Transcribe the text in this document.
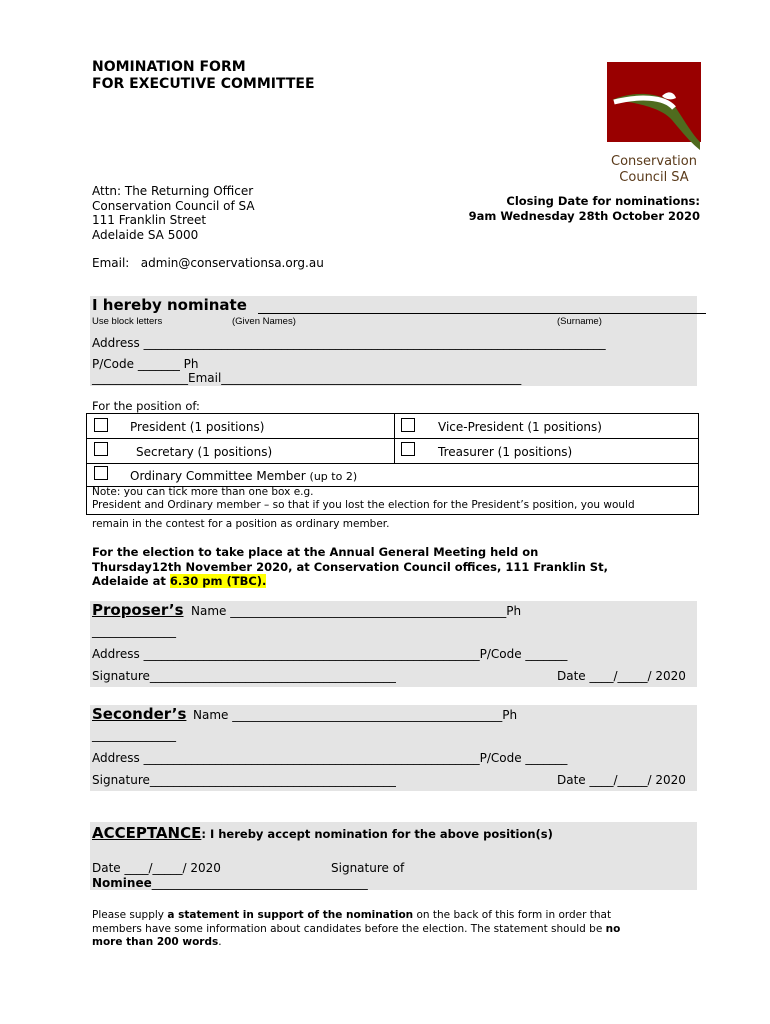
NOMINATION FORM
FOR EXECUTIVE COMMITTEE
Conservation
Council SA
Attn: The Returning Officer
Conservation Council of SA
111 Franklin Street
Adelaide SA 5000
Email: admin@conservationsa.org.au
Closing Date for nominations:
9am Wednesday 28th October 2020
I hereby nominate
Use block letters	(Given Names)	(Surname)
Address _____________________________________________________________________________
P/Code _______ Ph
________________Email__________________________________________________
For the position of:
President (1 positions)	Vice-President (1 positions)
Secretary (1 positions)	Treasurer (1 positions)
Ordinary Committee Member (up to 2)
Note: you can tick more than one box e.g.
President and Ordinary member – so that if you lost the election for the President’s position, you would
remain in the contest for a position as ordinary member.
For the election to take place at the Annual General Meeting held on
Thursday12th November 2020, at Conservation Council offices, 111 Franklin St,
Adelaide at 6.30 pm (TBC).
Proposer’s Name ______________________________________________Ph
______________
Address ________________________________________________________P/Code _______
Signature_________________________________________	Date ____/_____/ 2020
Seconder’s Name _____________________________________________Ph
______________
Address ________________________________________________________P/Code _______
Signature_________________________________________	Date ____/_____/ 2020
ACCEPTANCE: I hereby accept nomination for the above position(s)
Date ____/_____/ 2020	Signature of
Nominee____________________________________
Please supply a statement in support of the nomination on the back of this form in order that
members have some information about candidates before the election. The statement should be no
more than 200 words.
